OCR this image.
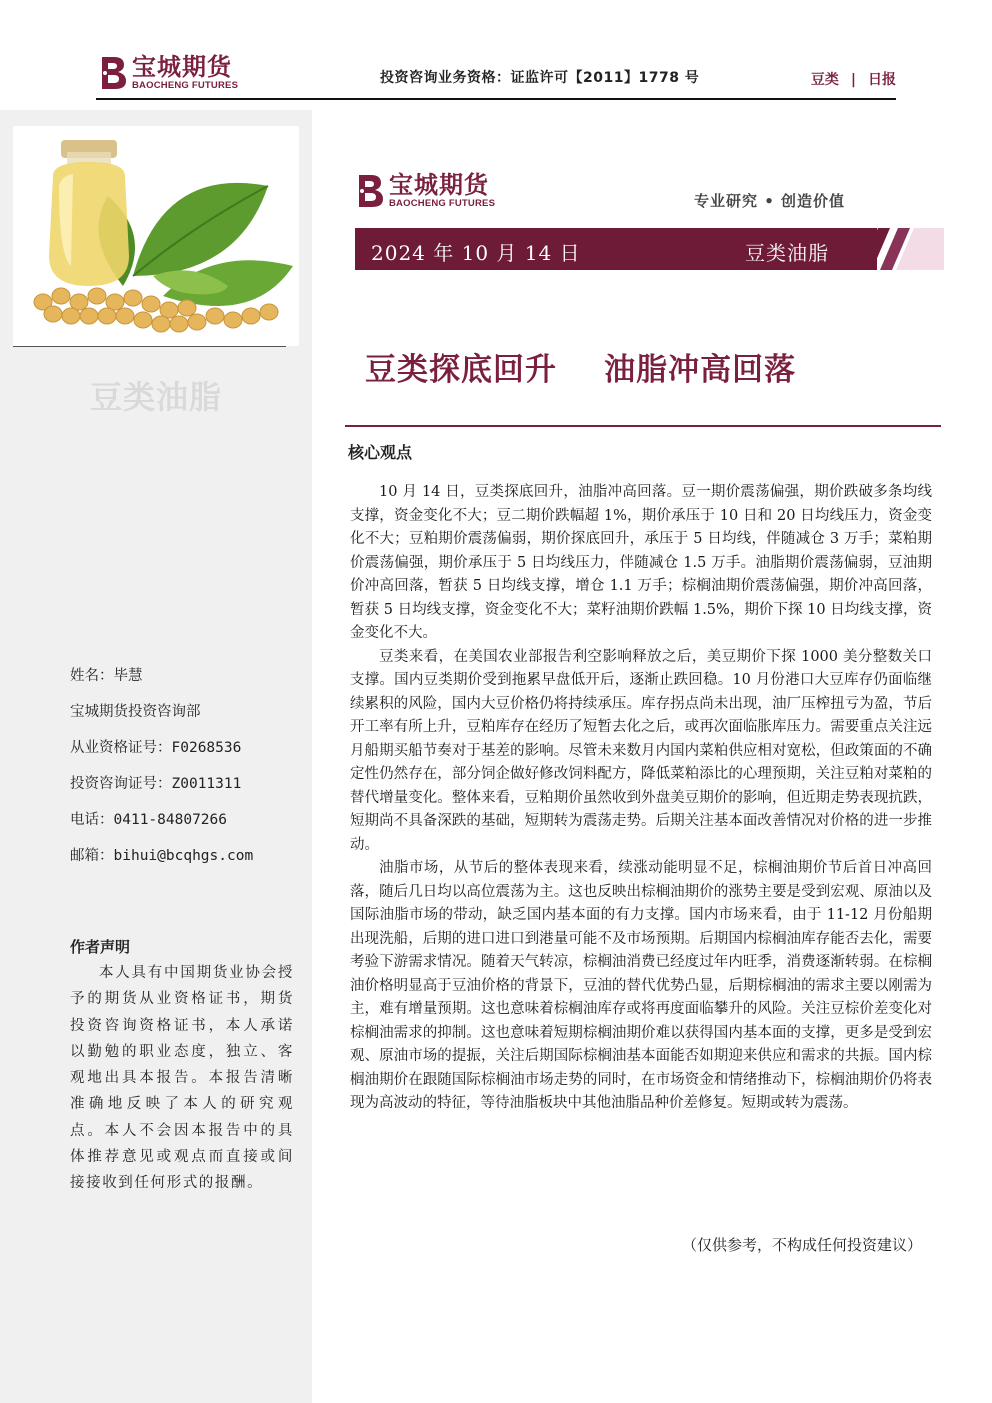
宝城期货
BAOCHENG FUTURES	投资咨询业务资格：证监许可【2011】1778 号	豆类 | 日报
豆类油脂
姓名：毕慧
宝城期货投资咨询部
从业资格证号：F0268536
投资咨询证号：Z0011311
电话：0411-84807266
邮箱：bihui@bcqhgs.com
作者声明
本人具有中国期货业协会授予的期货从业资格证书，期货投资咨询资格证书，本人承诺以勤勉的职业态度，独立、客观地出具本报告。本报告清晰准确地反映了本人的研究观点。本人不会因本报告中的具体推荐意见或观点而直接或间接接收到任何形式的报酬。
宝城期货
BAOCHENG FUTURES	专业研究 • 创造价值
2024 年 10 月 14 日	豆类油脂
豆类探底回升    油脂冲高回落
核心观点

10 月 14 日，豆类探底回升，油脂冲高回落。豆一期价震荡偏强，期价跌破多条均线支撑，资金变化不大；豆二期价跌幅超 1%，期价承压于 10 日和 20 日均线压力，资金变化不大；豆粕期价震荡偏弱，期价探底回升，承压于 5 日均线，伴随减仓 3 万手；菜粕期价震荡偏强，期价承压于 5 日均线压力，伴随减仓 1.5 万手。油脂期价震荡偏弱，豆油期价冲高回落，暂获 5 日均线支撑，增仓 1.1 万手；棕榈油期价震荡偏强，期价冲高回落，暂获 5 日均线支撑，资金变化不大；菜籽油期价跌幅 1.5%，期价下探 10 日均线支撑，资金变化不大。

豆类来看，在美国农业部报告利空影响释放之后，美豆期价下探 1000 美分整数关口支撑。国内豆类期价受到拖累早盘低开后，逐渐止跌回稳。10 月份港口大豆库存仍面临继续累积的风险，国内大豆价格仍将持续承压。库存拐点尚未出现，油厂压榨扭亏为盈，节后开工率有所上升，豆粕库存在经历了短暂去化之后，或再次面临胀库压力。需要重点关注远月船期买船节奏对于基差的影响。尽管未来数月内国内菜粕供应相对宽松，但政策面的不确定性仍然存在，部分饲企做好修改饲料配方，降低菜粕添比的心理预期，关注豆粕对菜粕的替代增量变化。整体来看，豆粕期价虽然收到外盘美豆期价的影响，但近期走势表现抗跌，短期尚不具备深跌的基础，短期转为震荡走势。后期关注基本面改善情况对价格的进一步推动。

油脂市场，从节后的整体表现来看，续涨动能明显不足，棕榈油期价节后首日冲高回落，随后几日均以高位震荡为主。这也反映出棕榈油期价的涨势主要是受到宏观、原油以及国际油脂市场的带动，缺乏国内基本面的有力支撑。国内市场来看，由于 11-12 月份船期出现洗船，后期的进口进口到港量可能不及市场预期。后期国内棕榈油库存能否去化，需要考验下游需求情况。随着天气转凉，棕榈油消费已经度过年内旺季，消费逐渐转弱。在棕榈油价格明显高于豆油价格的背景下，豆油的替代优势凸显，后期棕榈油的需求主要以刚需为主，难有增量预期。这也意味着棕榈油库存或将再度面临攀升的风险。关注豆棕价差变化对棕榈油需求的抑制。这也意味着短期棕榈油期价难以获得国内基本面的支撑，更多是受到宏观、原油市场的提振，关注后期国际棕榈油基本面能否如期迎来供应和需求的共振。国内棕榈油期价在跟随国际棕榈油市场走势的同时，在市场资金和情绪推动下，棕榈油期价仍将表现为高波动的特征，等待油脂板块中其他油脂品种价差修复。短期或转为震荡。

（仅供参考，不构成任何投资建议）
